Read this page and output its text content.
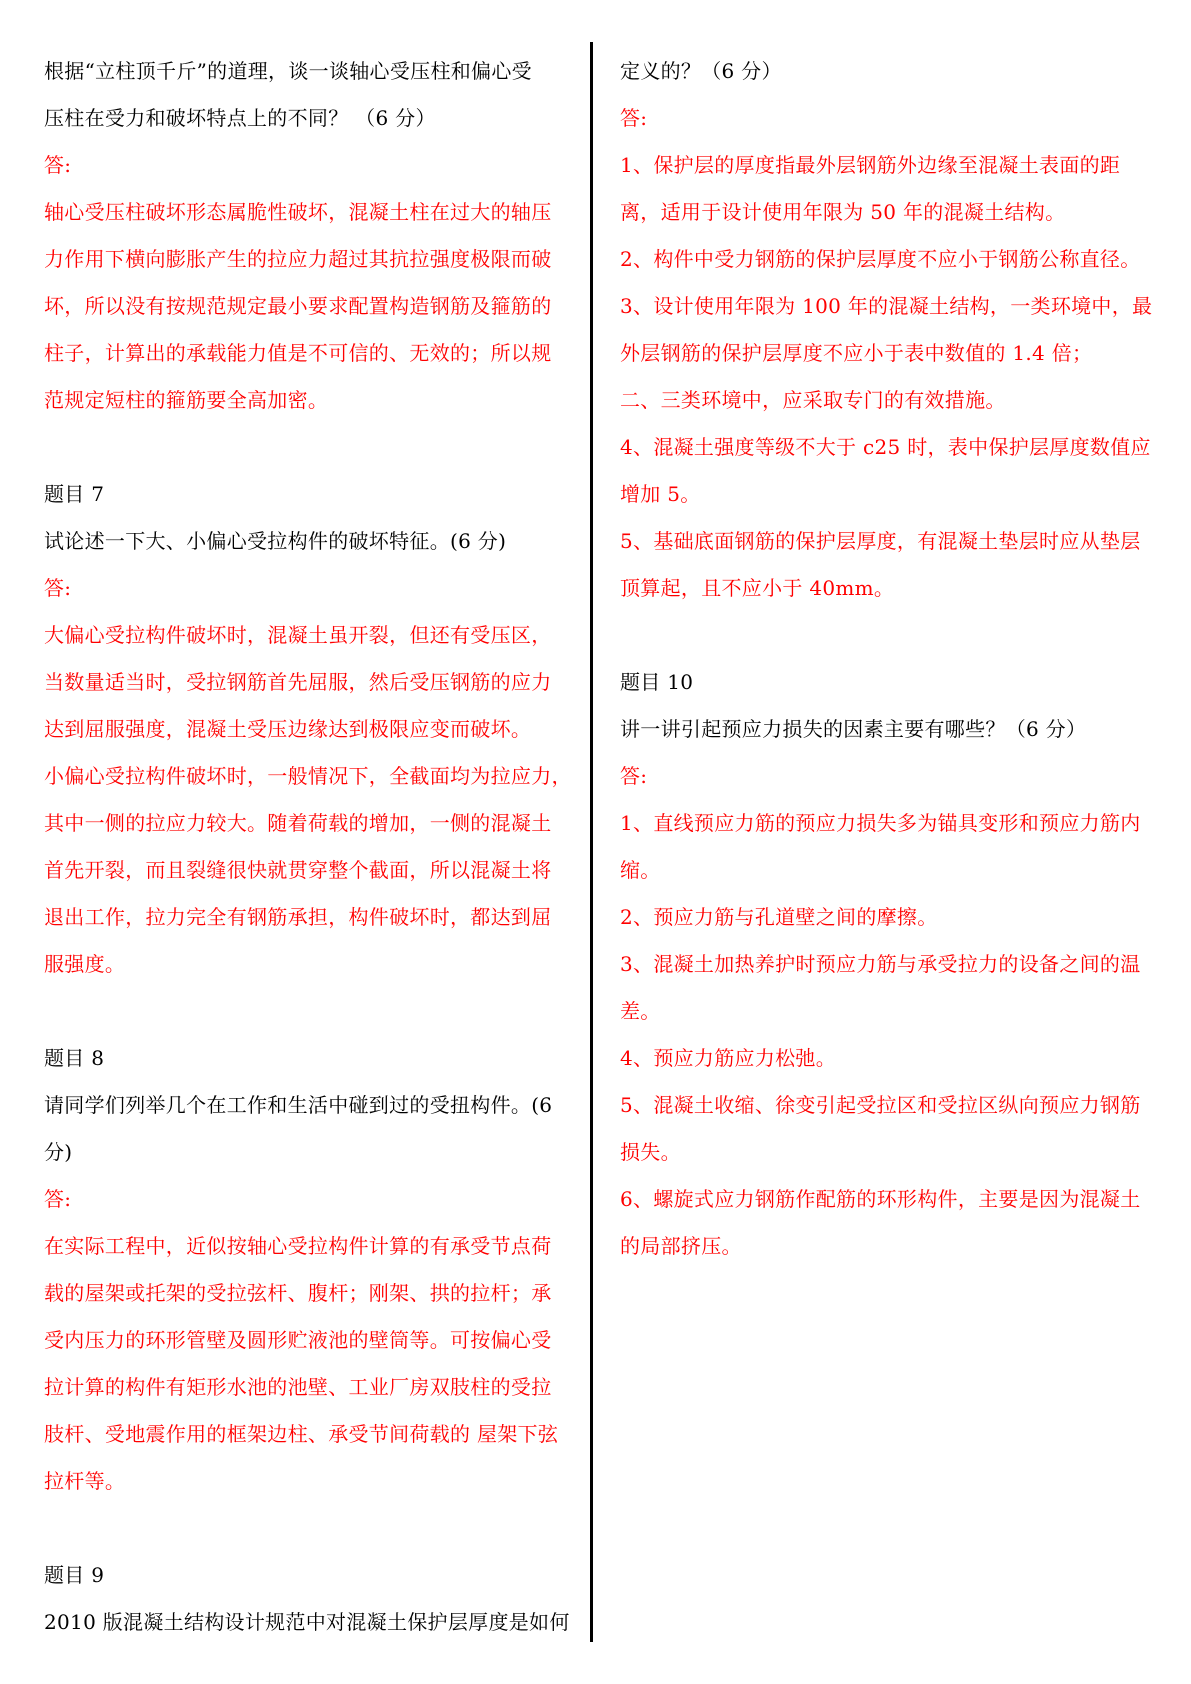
根据“立柱顶千斤”的道理，谈一谈轴心受压柱和偏心受
压柱在受力和破坏特点上的不同？ （6 分）
答:
轴心受压柱破坏形态属脆性破坏，混凝土柱在过大的轴压
力作用下横向膨胀产生的拉应力超过其抗拉强度极限而破
坏，所以没有按规范规定最小要求配置构造钢筋及箍筋的
柱子，计算出的承载能力值是不可信的、无效的；所以规
范规定短柱的箍筋要全高加密。
题目 7
试论述一下大、小偏心受拉构件的破坏特征。(6 分)
答:
大偏心受拉构件破坏时，混凝土虽开裂，但还有受压区，
当数量适当时，受拉钢筋首先屈服，然后受压钢筋的应力
达到屈服强度，混凝土受压边缘达到极限应变而破坏。
小偏心受拉构件破坏时，一般情况下，全截面均为拉应力，
其中一侧的拉应力较大。随着荷载的增加，一侧的混凝土
首先开裂，而且裂缝很快就贯穿整个截面，所以混凝土将
退出工作，拉力完全有钢筋承担，构件破坏时，都达到屈
服强度。
题目 8
请同学们列举几个在工作和生活中碰到过的受扭构件。(6
分)
答:
在实际工程中，近似按轴心受拉构件计算的有承受节点荷
载的屋架或托架的受拉弦杆、腹杆；刚架、拱的拉杆；承
受内压力的环形管壁及圆形贮液池的壁筒等。可按偏心受
拉计算的构件有矩形水池的池壁、工业厂房双肢柱的受拉
肢杆、受地震作用的框架边柱、承受节间荷载的 屋架下弦
拉杆等。
题目 9
2010 版混凝土结构设计规范中对混凝土保护层厚度是如何
定义的？（6 分）
答:
1、保护层的厚度指最外层钢筋外边缘至混凝土表面的距
离，适用于设计使用年限为 50 年的混凝土结构。
2、构件中受力钢筋的保护层厚度不应小于钢筋公称直径。
3、设计使用年限为 100 年的混凝土结构，一类环境中，最
外层钢筋的保护层厚度不应小于表中数值的 1.4 倍；
二、三类环境中，应采取专门的有效措施。
4、混凝土强度等级不大于 c25 时，表中保护层厚度数值应
增加 5。
5、基础底面钢筋的保护层厚度，有混凝土垫层时应从垫层
顶算起，且不应小于 40mm。
题目 10
讲一讲引起预应力损失的因素主要有哪些？（6 分）
答:
1、直线预应力筋的预应力损失多为锚具变形和预应力筋内
缩。
2、预应力筋与孔道壁之间的摩擦。
3、混凝土加热养护时预应力筋与承受拉力的设备之间的温
差。
4、预应力筋应力松弛。
5、混凝土收缩、徐变引起受拉区和受拉区纵向预应力钢筋
损失。
6、螺旋式应力钢筋作配筋的环形构件，主要是因为混凝土
的局部挤压。
